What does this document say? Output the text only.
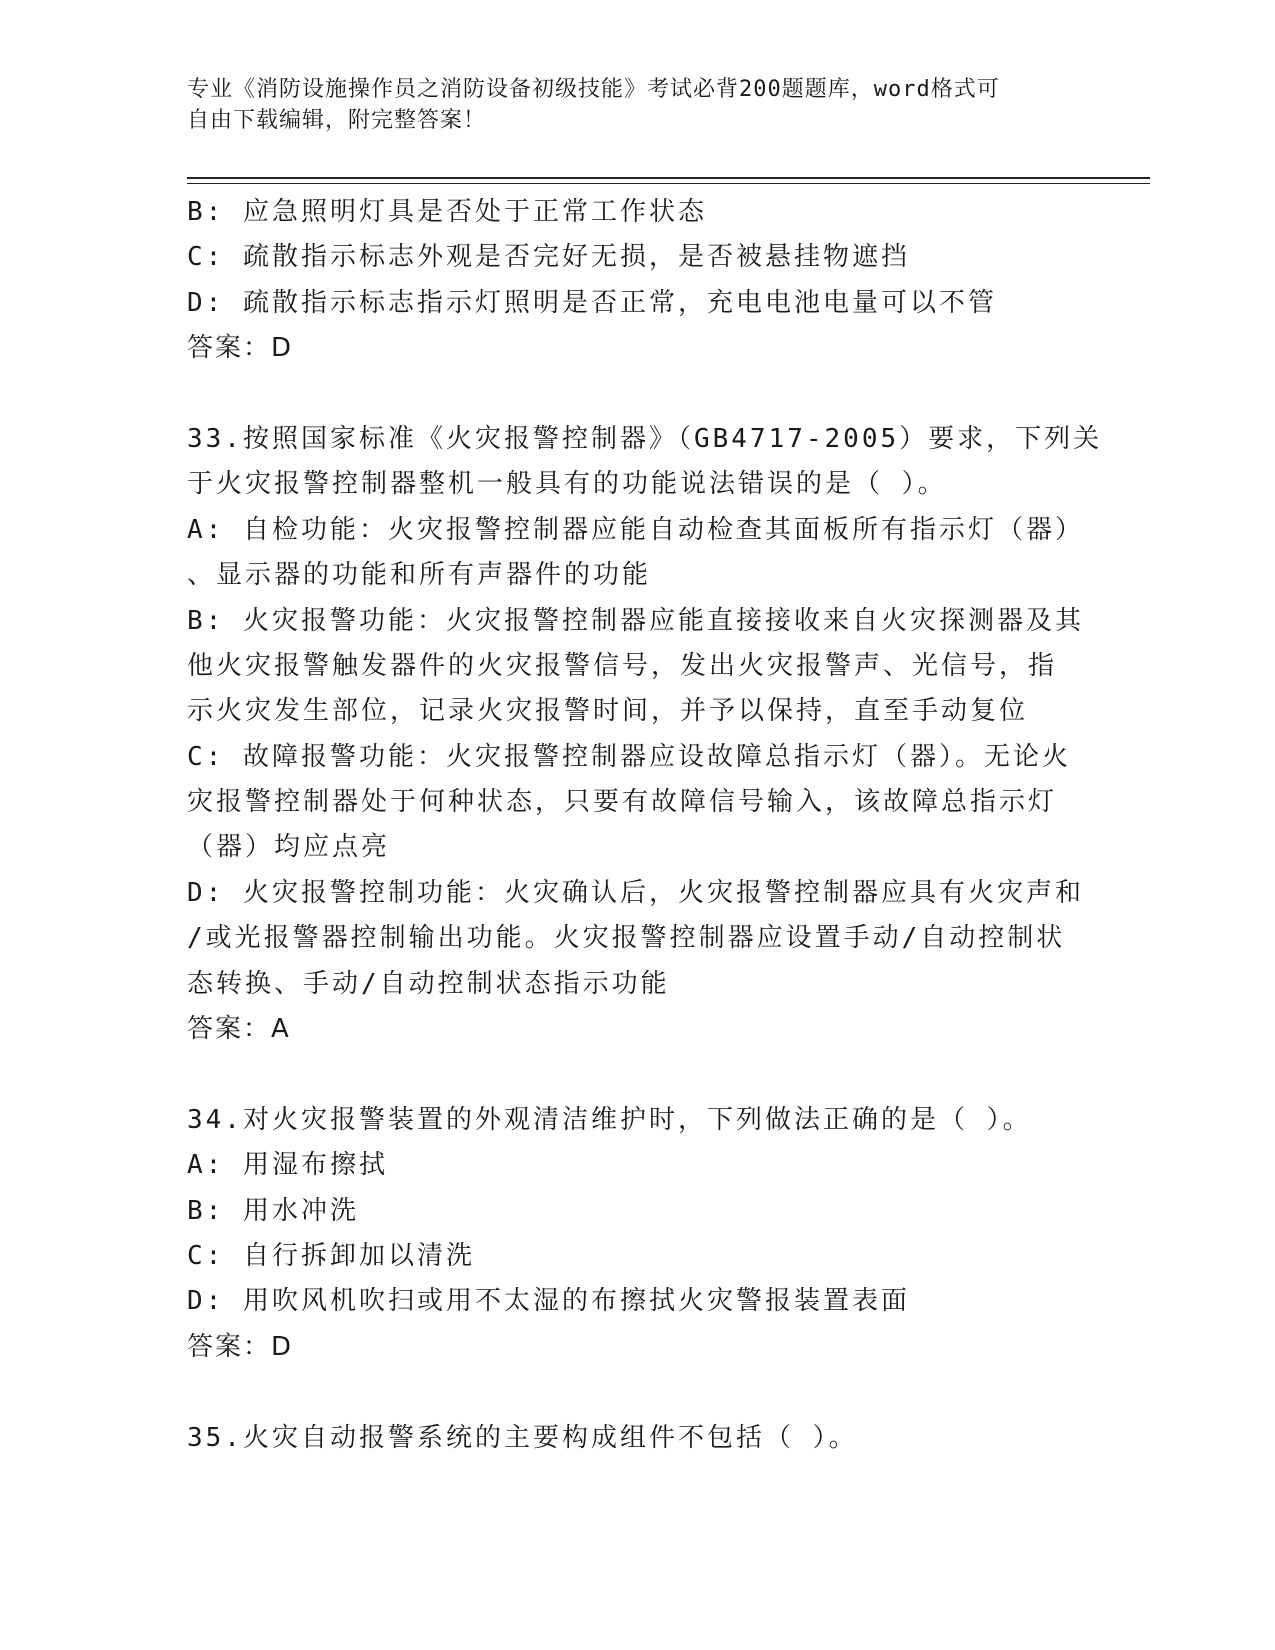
专业《消防设施操作员之消防设备初级技能》考试必背200题题库，word格式可
自由下载编辑，附完整答案！
B: 应急照明灯具是否处于正常工作状态
C: 疏散指示标志外观是否完好无损，是否被悬挂物遮挡
D: 疏散指示标志指示灯照明是否正常，充电电池电量可以不管
答案：D
33.按照国家标准《火灾报警控制器》（GB4717-2005）要求，下列关
于火灾报警控制器整机一般具有的功能说法错误的是（ ）。
A: 自检功能：火灾报警控制器应能自动检查其面板所有指示灯（器）
、显示器的功能和所有声器件的功能
B: 火灾报警功能：火灾报警控制器应能直接接收来自火灾探测器及其
他火灾报警触发器件的火灾报警信号，发出火灾报警声、光信号，指
示火灾发生部位，记录火灾报警时间，并予以保持，直至手动复位
C: 故障报警功能：火灾报警控制器应设故障总指示灯（器）。无论火
灾报警控制器处于何种状态，只要有故障信号输入，该故障总指示灯
（器）均应点亮
D: 火灾报警控制功能：火灾确认后，火灾报警控制器应具有火灾声和
/或光报警器控制输出功能。火灾报警控制器应设置手动/自动控制状
态转换、手动/自动控制状态指示功能
答案：A
34.对火灾报警装置的外观清洁维护时，下列做法正确的是（ ）。
A: 用湿布擦拭
B: 用水冲洗
C: 自行拆卸加以清洗
D: 用吹风机吹扫或用不太湿的布擦拭火灾警报装置表面
答案：D
35.火灾自动报警系统的主要构成组件不包括（ ）。
